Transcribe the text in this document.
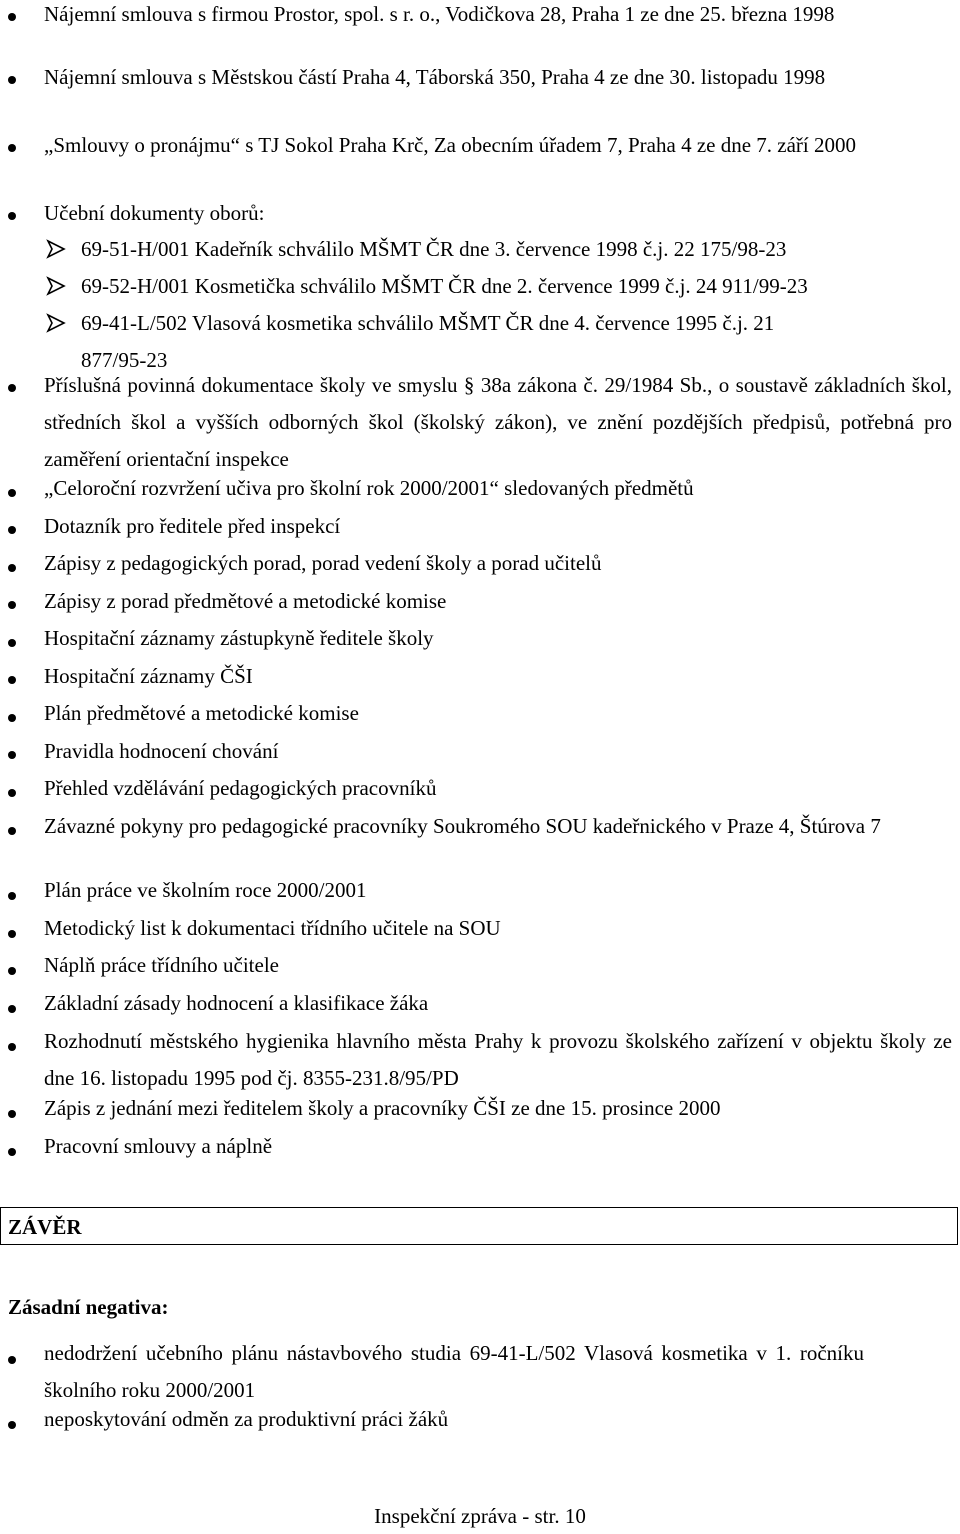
Nájemní smlouva s firmou Prostor, spol. s r. o., Vodičkova 28, Praha 1 ze dne 25. března 1998
Nájemní smlouva s Městskou částí Praha 4, Táborská 350, Praha 4 ze dne 30. listopadu 1998
„Smlouvy o pronájmu“ s TJ Sokol Praha Krč, Za obecním úřadem 7, Praha 4 ze dne 7. září 2000
Učební dokumenty oborů:
69-51-H/001 Kadeřník schválilo MŠMT ČR dne 3. července 1998 č.j. 22 175/98-23
69-52-H/001 Kosmetička schválilo MŠMT ČR dne 2. července 1999 č.j. 24 911/99-23
69-41-L/502 Vlasová kosmetika schválilo MŠMT ČR dne 4. července 1995 č.j. 21 877/95-23
Příslušná povinná dokumentace školy ve smyslu § 38a zákona č. 29/1984 Sb., o soustavě základních škol, středních škol a vyšších odborných škol (školský zákon), ve znění pozdějších předpisů, potřebná pro zaměření orientační inspekce
„Celoroční rozvržení učiva pro školní rok 2000/2001“ sledovaných předmětů
Dotazník pro ředitele před inspekcí
Zápisy z pedagogických porad, porad vedení školy a porad učitelů
Zápisy z porad předmětové a metodické komise
Hospitační záznamy zástupkyně ředitele školy
Hospitační záznamy ČŠI
Plán předmětové a metodické komise
Pravidla hodnocení chování
Přehled vzdělávání pedagogických pracovníků
Závazné pokyny pro pedagogické pracovníky Soukromého SOU kadeřnického v Praze 4, Štúrova 7
Plán práce ve školním roce 2000/2001
Metodický list k dokumentaci třídního učitele na SOU
Náplň práce třídního učitele
Základní zásady hodnocení a klasifikace žáka
Rozhodnutí městského hygienika hlavního města Prahy k provozu školského zařízení v objektu školy ze dne 16. listopadu 1995 pod čj. 8355-231.8/95/PD
Zápis z jednání mezi ředitelem školy a pracovníky ČŠI ze dne 15. prosince 2000
Pracovní smlouvy a náplně
ZÁVĚR
Zásadní negativa:
nedodržení učebního plánu nástavbového studia 69-41-L/502 Vlasová kosmetika v 1. ročníku školního roku 2000/2001
neposkytování odměn za produktivní práci žáků
Inspekční zpráva - str. 10
